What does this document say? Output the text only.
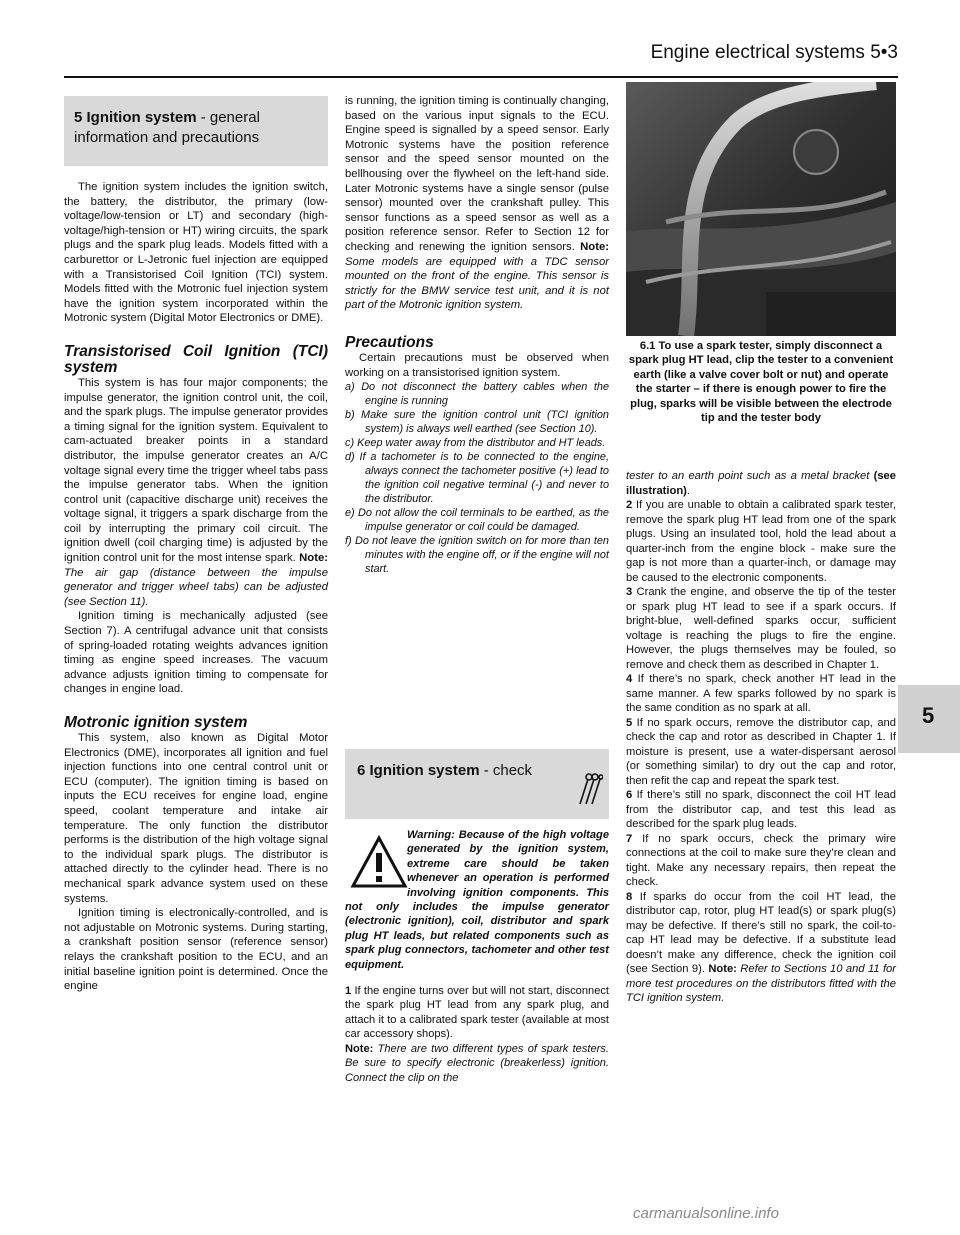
Engine electrical systems 5•3
5 Ignition system - general information and precautions

The ignition system includes the ignition switch, the battery, the distributor, the primary (low-voltage/low-tension or LT) and secondary (high-voltage/high-tension or HT) wiring circuits, the spark plugs and the spark plug leads. Models fitted with a carburettor or L-Jetronic fuel injection are equipped with a Transistorised Coil Ignition (TCI) system. Models fitted with the Motronic fuel injection system have the ignition system incorporated within the Motronic system (Digital Motor Electronics or DME).

Transistorised Coil Ignition (TCI) system

This system is has four major components; the impulse generator, the ignition control unit, the coil, and the spark plugs. The impulse generator provides a timing signal for the ignition system. Equivalent to cam-actuated breaker points in a standard distributor, the impulse generator creates an A/C voltage signal every time the trigger wheel tabs pass the impulse generator tabs. When the ignition control unit (capacitive discharge unit) receives the voltage signal, it triggers a spark discharge from the coil by interrupting the primary coil circuit. The ignition dwell (coil charging time) is adjusted by the ignition control unit for the most intense spark. Note: The air gap (distance between the impulse generator and trigger wheel tabs) can be adjusted (see Section 11).

Ignition timing is mechanically adjusted (see Section 7). A centrifugal advance unit that consists of spring-loaded rotating weights advances ignition timing as engine speed increases. The vacuum advance adjusts ignition timing to compensate for changes in engine load.

Motronic ignition system

This system, also known as Digital Motor Electronics (DME), incorporates all ignition and fuel injection functions into one central control unit or ECU (computer). The ignition timing is based on inputs the ECU receives for engine load, engine speed, coolant temperature and intake air temperature. The only function the distributor performs is the distribution of the high voltage signal to the individual spark plugs. The distributor is attached directly to the cylinder head. There is no mechanical spark advance system used on these systems.

Ignition timing is electronically-controlled, and is not adjustable on Motronic systems. During starting, a crankshaft position sensor (reference sensor) relays the crankshaft position to the ECU, and an initial baseline ignition point is determined. Once the engine

is running, the ignition timing is continually changing, based on the various input signals to the ECU. Engine speed is signalled by a speed sensor. Early Motronic systems have the position reference sensor and the speed sensor mounted on the bellhousing over the flywheel on the left-hand side. Later Motronic systems have a single sensor (pulse sensor) mounted over the crankshaft pulley. This sensor functions as a speed sensor as well as a position reference sensor. Refer to Section 12 for checking and renewing the ignition sensors. Note: Some models are equipped with a TDC sensor mounted on the front of the engine. This sensor is strictly for the BMW service test unit, and it is not part of the Motronic ignition system.

Precautions

Certain precautions must be observed when working on a transistorised ignition system.

a) Do not disconnect the battery cables when the engine is running

b) Make sure the ignition control unit (TCI ignition system) is always well earthed (see Section 10).

c) Keep water away from the distributor and HT leads.

d) If a tachometer is to be connected to the engine, always connect the tachometer positive (+) lead to the ignition coil negative terminal (-) and never to the distributor.

e) Do not allow the coil terminals to be earthed, as the impulse generator or coil could be damaged.

f) Do not leave the ignition switch on for more than ten minutes with the engine off, or if the engine will not start.

6 Ignition system - check

Warning: Because of the high voltage generated by the ignition system, extreme care should be taken whenever an operation is performed involving ignition components. This not only includes the impulse generator (electronic ignition), coil, distributor and spark plug HT leads, but related components such as spark plug connectors, tachometer and other test equipment.

1 If the engine turns over but will not start, disconnect the spark plug HT lead from any spark plug, and attach it to a calibrated spark tester (available at most car accessory shops).

Note: There are two different types of spark testers. Be sure to specify electronic (breakerless) ignition. Connect the clip on the

6.1 To use a spark tester, simply disconnect a spark plug HT lead, clip the tester to a convenient earth (like a valve cover bolt or nut) and operate the starter – if there is enough power to fire the plug, sparks will be visible between the electrode tip and the tester body

tester to an earth point such as a metal bracket (see illustration).

2 If you are unable to obtain a calibrated spark tester, remove the spark plug HT lead from one of the spark plugs. Using an insulated tool, hold the lead about a quarter-inch from the engine block - make sure the gap is not more than a quarter-inch, or damage may be caused to the electronic components.

3 Crank the engine, and observe the tip of the tester or spark plug HT lead to see if a spark occurs. If bright-blue, well-defined sparks occur, sufficient voltage is reaching the plugs to fire the engine. However, the plugs themselves may be fouled, so remove and check them as described in Chapter 1.

4 If there’s no spark, check another HT lead in the same manner. A few sparks followed by no spark is the same condition as no spark at all.

5 If no spark occurs, remove the distributor cap, and check the cap and rotor as described in Chapter 1. If moisture is present, use a water-dispersant aerosol (or something similar) to dry out the cap and rotor, then refit the cap and repeat the spark test.

6 If there’s still no spark, disconnect the coil HT lead from the distributor cap, and test this lead as described for the spark plug leads.

7 If no spark occurs, check the primary wire connections at the coil to make sure they’re clean and tight. Make any necessary repairs, then repeat the check.

8 If sparks do occur from the coil HT lead, the distributor cap, rotor, plug HT lead(s) or spark plug(s) may be defective. If there’s still no spark, the coil-to-cap HT lead may be defective. If a substitute lead doesn’t make any difference, check the ignition coil (see Section 9). Note: Refer to Sections 10 and 11 for more test procedures on the distributors fitted with the TCI ignition system.

5
carmanualsonline.info
